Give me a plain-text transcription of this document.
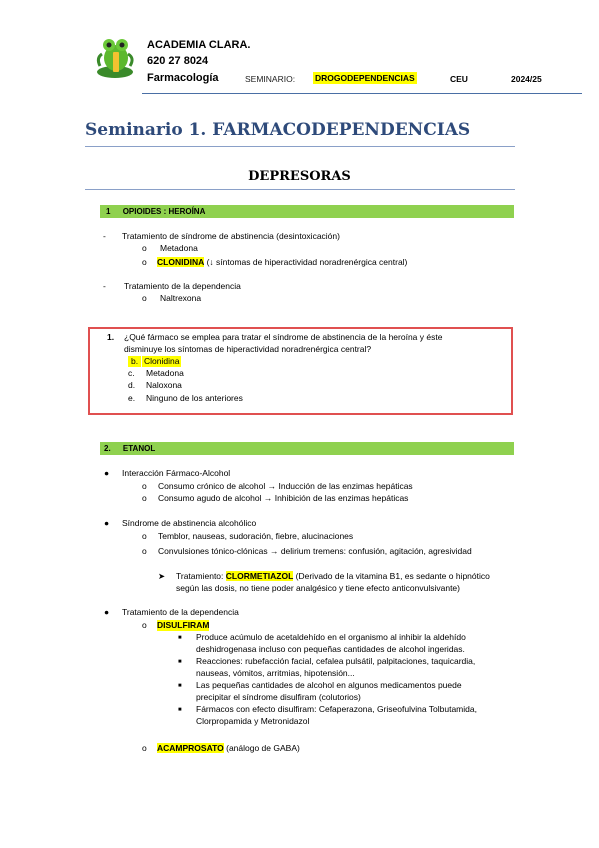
ACADEMIA CLARA.
620 27 8024
Farmacología	SEMINARIO: DROGODEPENDENCIAS	CEU	2024/25
Seminario 1. FARMACODEPENDENCIAS
DEPRESORAS
1 OPIOIDES : HEROÍNA
- Tratamiento de síndrome de abstinencia (desintoxicación)
o Metadona
o CLONIDINA (↓ síntomas de hiperactividad noradrenérgica central)
- Tratamiento de la dependencia
o Naltrexona
1. ¿Qué fármaco se emplea para tratar el síndrome de abstinencia de la heroína y éste
disminuye los síntomas de hiperactividad noradrenérgica central?
b. Clonidina
c. Metadona
d. Naloxona
e. Ninguno de los anteriores
2. ETANOL
● Interacción Fármaco-Alcohol
o Consumo crónico de alcohol → Inducción de las enzimas hepáticas
o Consumo agudo de alcohol → Inhibición de las enzimas hepáticas
● Síndrome de abstinencia alcohólico
o Temblor, nauseas, sudoración, fiebre, alucinaciones
o Convulsiones tónico-clónicas → delirium tremens: confusión, agitación, agresividad
➤ Tratamiento: CLORMETIAZOL (Derivado de la vitamina B1, es sedante o hipnótico
según las dosis, no tiene poder analgésico y tiene efecto anticonvulsivante)
● Tratamiento de la dependencia
o DISULFIRAM
■ Produce acúmulo de acetaldehído en el organismo al inhibir la aldehído
deshidrogenasa incluso con pequeñas cantidades de alcohol ingeridas.
■ Reacciones: rubefacción facial, cefalea pulsátil, palpitaciones, taquicardia,
nauseas, vómitos, arritmias, hipotensión...
■ Las pequeñas cantidades de alcohol en algunos medicamentos puede
precipitar el síndrome disulfiram (colutorios)
■ Fármacos con efecto disulfiram: Cefaperazona, Griseofulvina Tolbutamida,
Clorpropamida y Metronidazol
o ACAMPROSATO (análogo de GABA)
